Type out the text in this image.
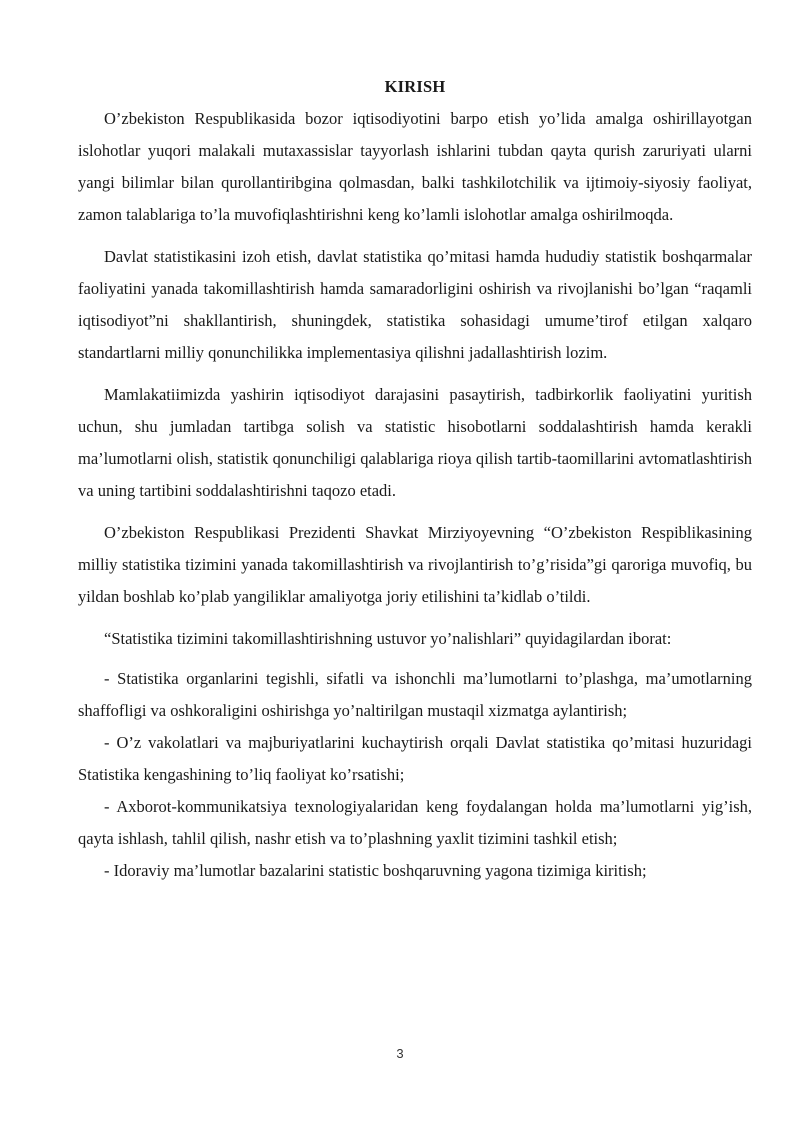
KIRISH

O’zbekiston Respublikasida bozor iqtisodiyotini barpo etish yo’lida amalga oshirillayotgan islohotlar yuqori malakali mutaxassislar tayyorlash ishlarini tubdan qayta qurish zaruriyati ularni yangi bilimlar bilan qurollantiribgina qolmasdan, balki tashkilotchilik va ijtimoiy-siyosiy faoliyat, zamon talablariga to’la muvofiqlashtirishni keng ko’lamli islohotlar amalga oshirilmoqda.

Davlat statistikasini izoh etish, davlat statistika qo’mitasi hamda hududiy statistik boshqarmalar faoliyatini yanada takomillashtirish hamda samaradorligini oshirish va rivojlanishi bo’lgan “raqamli iqtisodiyot”ni shakllantirish, shuningdek, statistika sohasidagi umume’tirof etilgan xalqaro standartlarni milliy qonunchilikka implementasiya qilishni jadallashtirish lozim.

Mamlakatiimizda yashirin iqtisodiyot darajasini pasaytirish, tadbirkorlik faoliyatini yuritish uchun, shu jumladan tartibga solish va statistic hisobotlarni soddalashtirish hamda kerakli ma’lumotlarni olish, statistik qonunchiligi qalablariga rioya qilish tartib-taomillarini avtomatlashtirish va uning tartibini soddalashtirishni taqozo etadi.

O’zbekiston Respublikasi Prezidenti Shavkat Mirziyoyevning “O’zbekiston Respiblikasining milliy statistika tizimini yanada takomillashtirish va rivojlantirish to’g’risida”gi qaroriga muvofiq, bu yildan boshlab ko’plab yangiliklar amaliyotga joriy etilishini ta’kidlab o’tildi.

“Statistika tizimini takomillashtirishning ustuvor yo’nalishlari” quyidagilardan iborat:

- Statistika organlarini tegishli, sifatli va ishonchli ma’lumotlarni to’plashga, ma’umotlarning shaffofligi va oshkoraligini oshirishga yo’naltirilgan mustaqil xizmatga aylantirish;

- O’z vakolatlari va majburiyatlarini kuchaytirish orqali Davlat statistika qo’mitasi huzuridagi Statistika kengashining to’liq faoliyat ko’rsatishi;

- Axborot-kommunikatsiya texnologiyalaridan keng foydalangan holda ma’lumotlarni yig’ish, qayta ishlash, tahlil qilish, nashr etish va to’plashning yaxlit tizimini tashkil etish;

- Idoraviy ma’lumotlar bazalarini statistic boshqaruvning yagona tizimiga kiritish;

3
